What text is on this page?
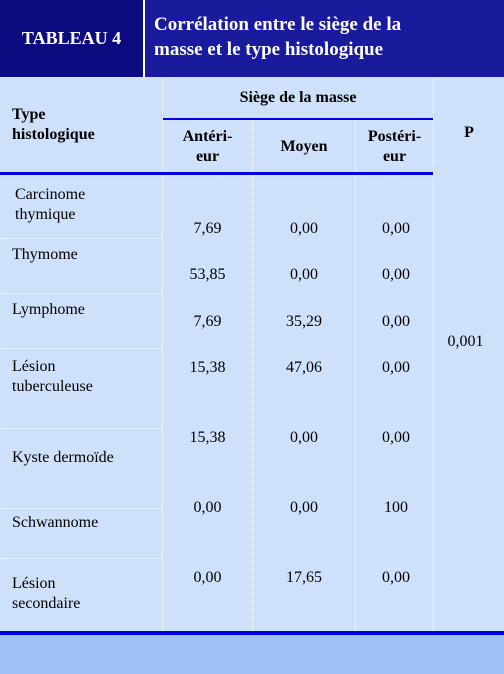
TABLEAU 4
Corrélation entre le siège de la
masse et le type histologique
Type
histologique
Siège de la masse
Antéri-
eur
Moyen
Postéri-
eur
P
Carcinome
thymique
Thymome
Lymphome
Lésion
tuberculeuse
Kyste dermoïde
Schwannome
Lésion
secondaire
7,69
53,85
7,69
15,38
15,38
0,00
0,00
0,00
0,00
35,29
47,06
0,00
0,00
17,65
0,00
0,00
0,00
0,00
0,00
100
0,00
0,001
